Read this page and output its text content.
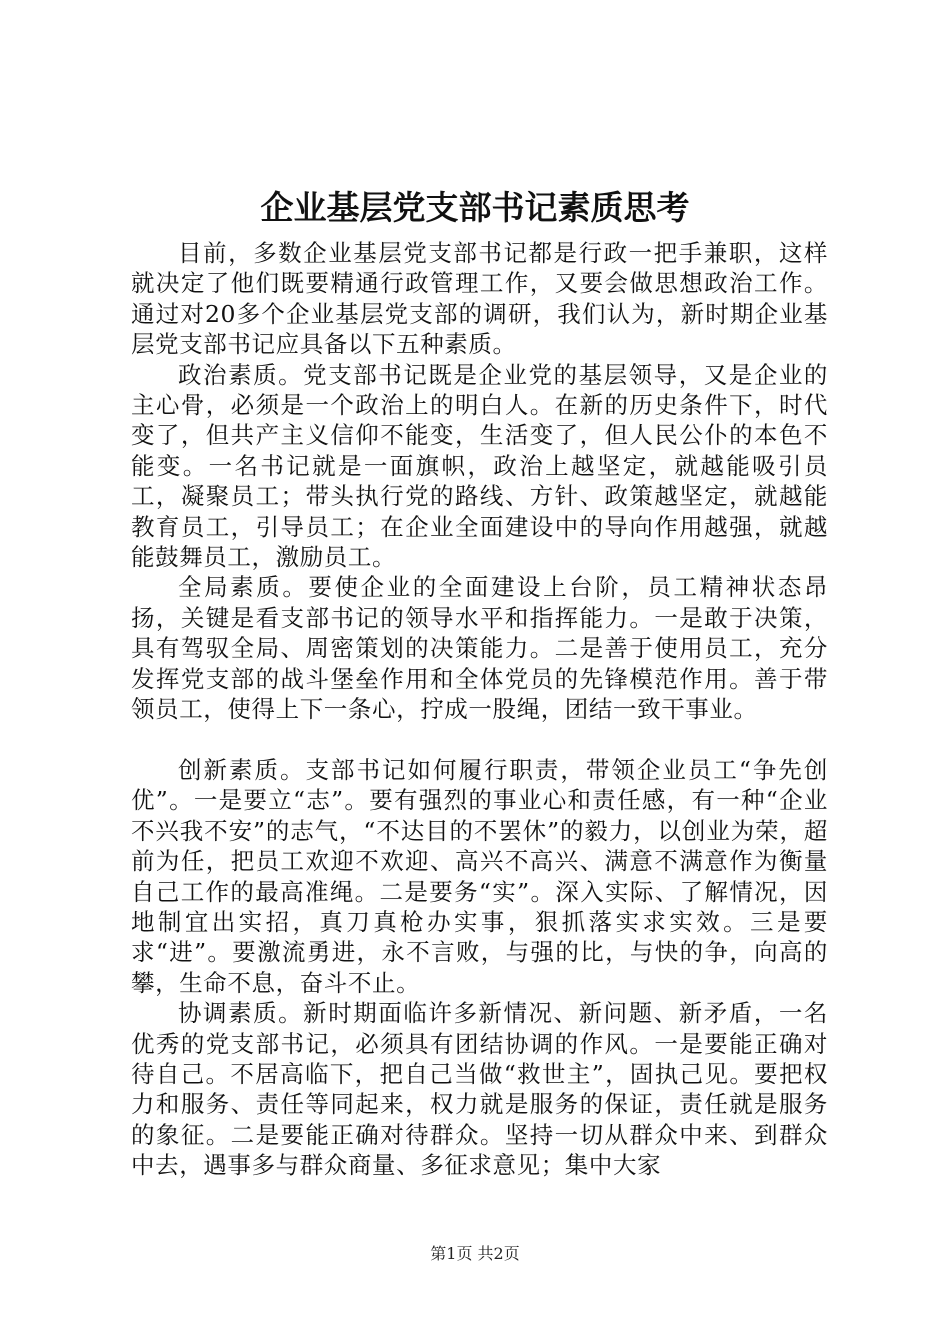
企业基层党支部书记素质思考

目前，多数企业基层党支部书记都是行政一把手兼职，这样就决定了他们既要精通行政管理工作，又要会做思想政治工作。通过对20多个企业基层党支部的调研，我们认为，新时期企业基层党支部书记应具备以下五种素质。

政治素质。党支部书记既是企业党的基层领导，又是企业的主心骨，必须是一个政治上的明白人。在新的历史条件下，时代变了，但共产主义信仰不能变，生活变了，但人民公仆的本色不能变。一名书记就是一面旗帜，政治上越坚定，就越能吸引员工，凝聚员工；带头执行党的路线、方针、政策越坚定，就越能教育员工，引导员工；在企业全面建设中的导向作用越强，就越能鼓舞员工，激励员工。

全局素质。要使企业的全面建设上台阶，员工精神状态昂扬，关键是看支部书记的领导水平和指挥能力。一是敢于决策，具有驾驭全局、周密策划的决策能力。二是善于使用员工，充分发挥党支部的战斗堡垒作用和全体党员的先锋模范作用。善于带领员工，使得上下一条心，拧成一股绳，团结一致干事业。

创新素质。支部书记如何履行职责，带领企业员工“争先创优”。一是要立“志”。要有强烈的事业心和责任感，有一种“企业不兴我不安”的志气，“不达目的不罢休”的毅力，以创业为荣，超前为任，把员工欢迎不欢迎、高兴不高兴、满意不满意作为衡量自己工作的最高准绳。二是要务“实”。深入实际、了解情况，因地制宜出实招，真刀真枪办实事，狠抓落实求实效。三是要求“进”。要激流勇进，永不言败，与强的比，与快的争，向高的攀，生命不息，奋斗不止。

协调素质。新时期面临许多新情况、新问题、新矛盾，一名优秀的党支部书记，必须具有团结协调的作风。一是要能正确对待自己。不居高临下，把自己当做“救世主”，固执己见。要把权力和服务、责任等同起来，权力就是服务的保证，责任就是服务的象征。二是要能正确对待群众。坚持一切从群众中来、到群众中去，遇事多与群众商量、多征求意见；集中大家

第1页 共2页
